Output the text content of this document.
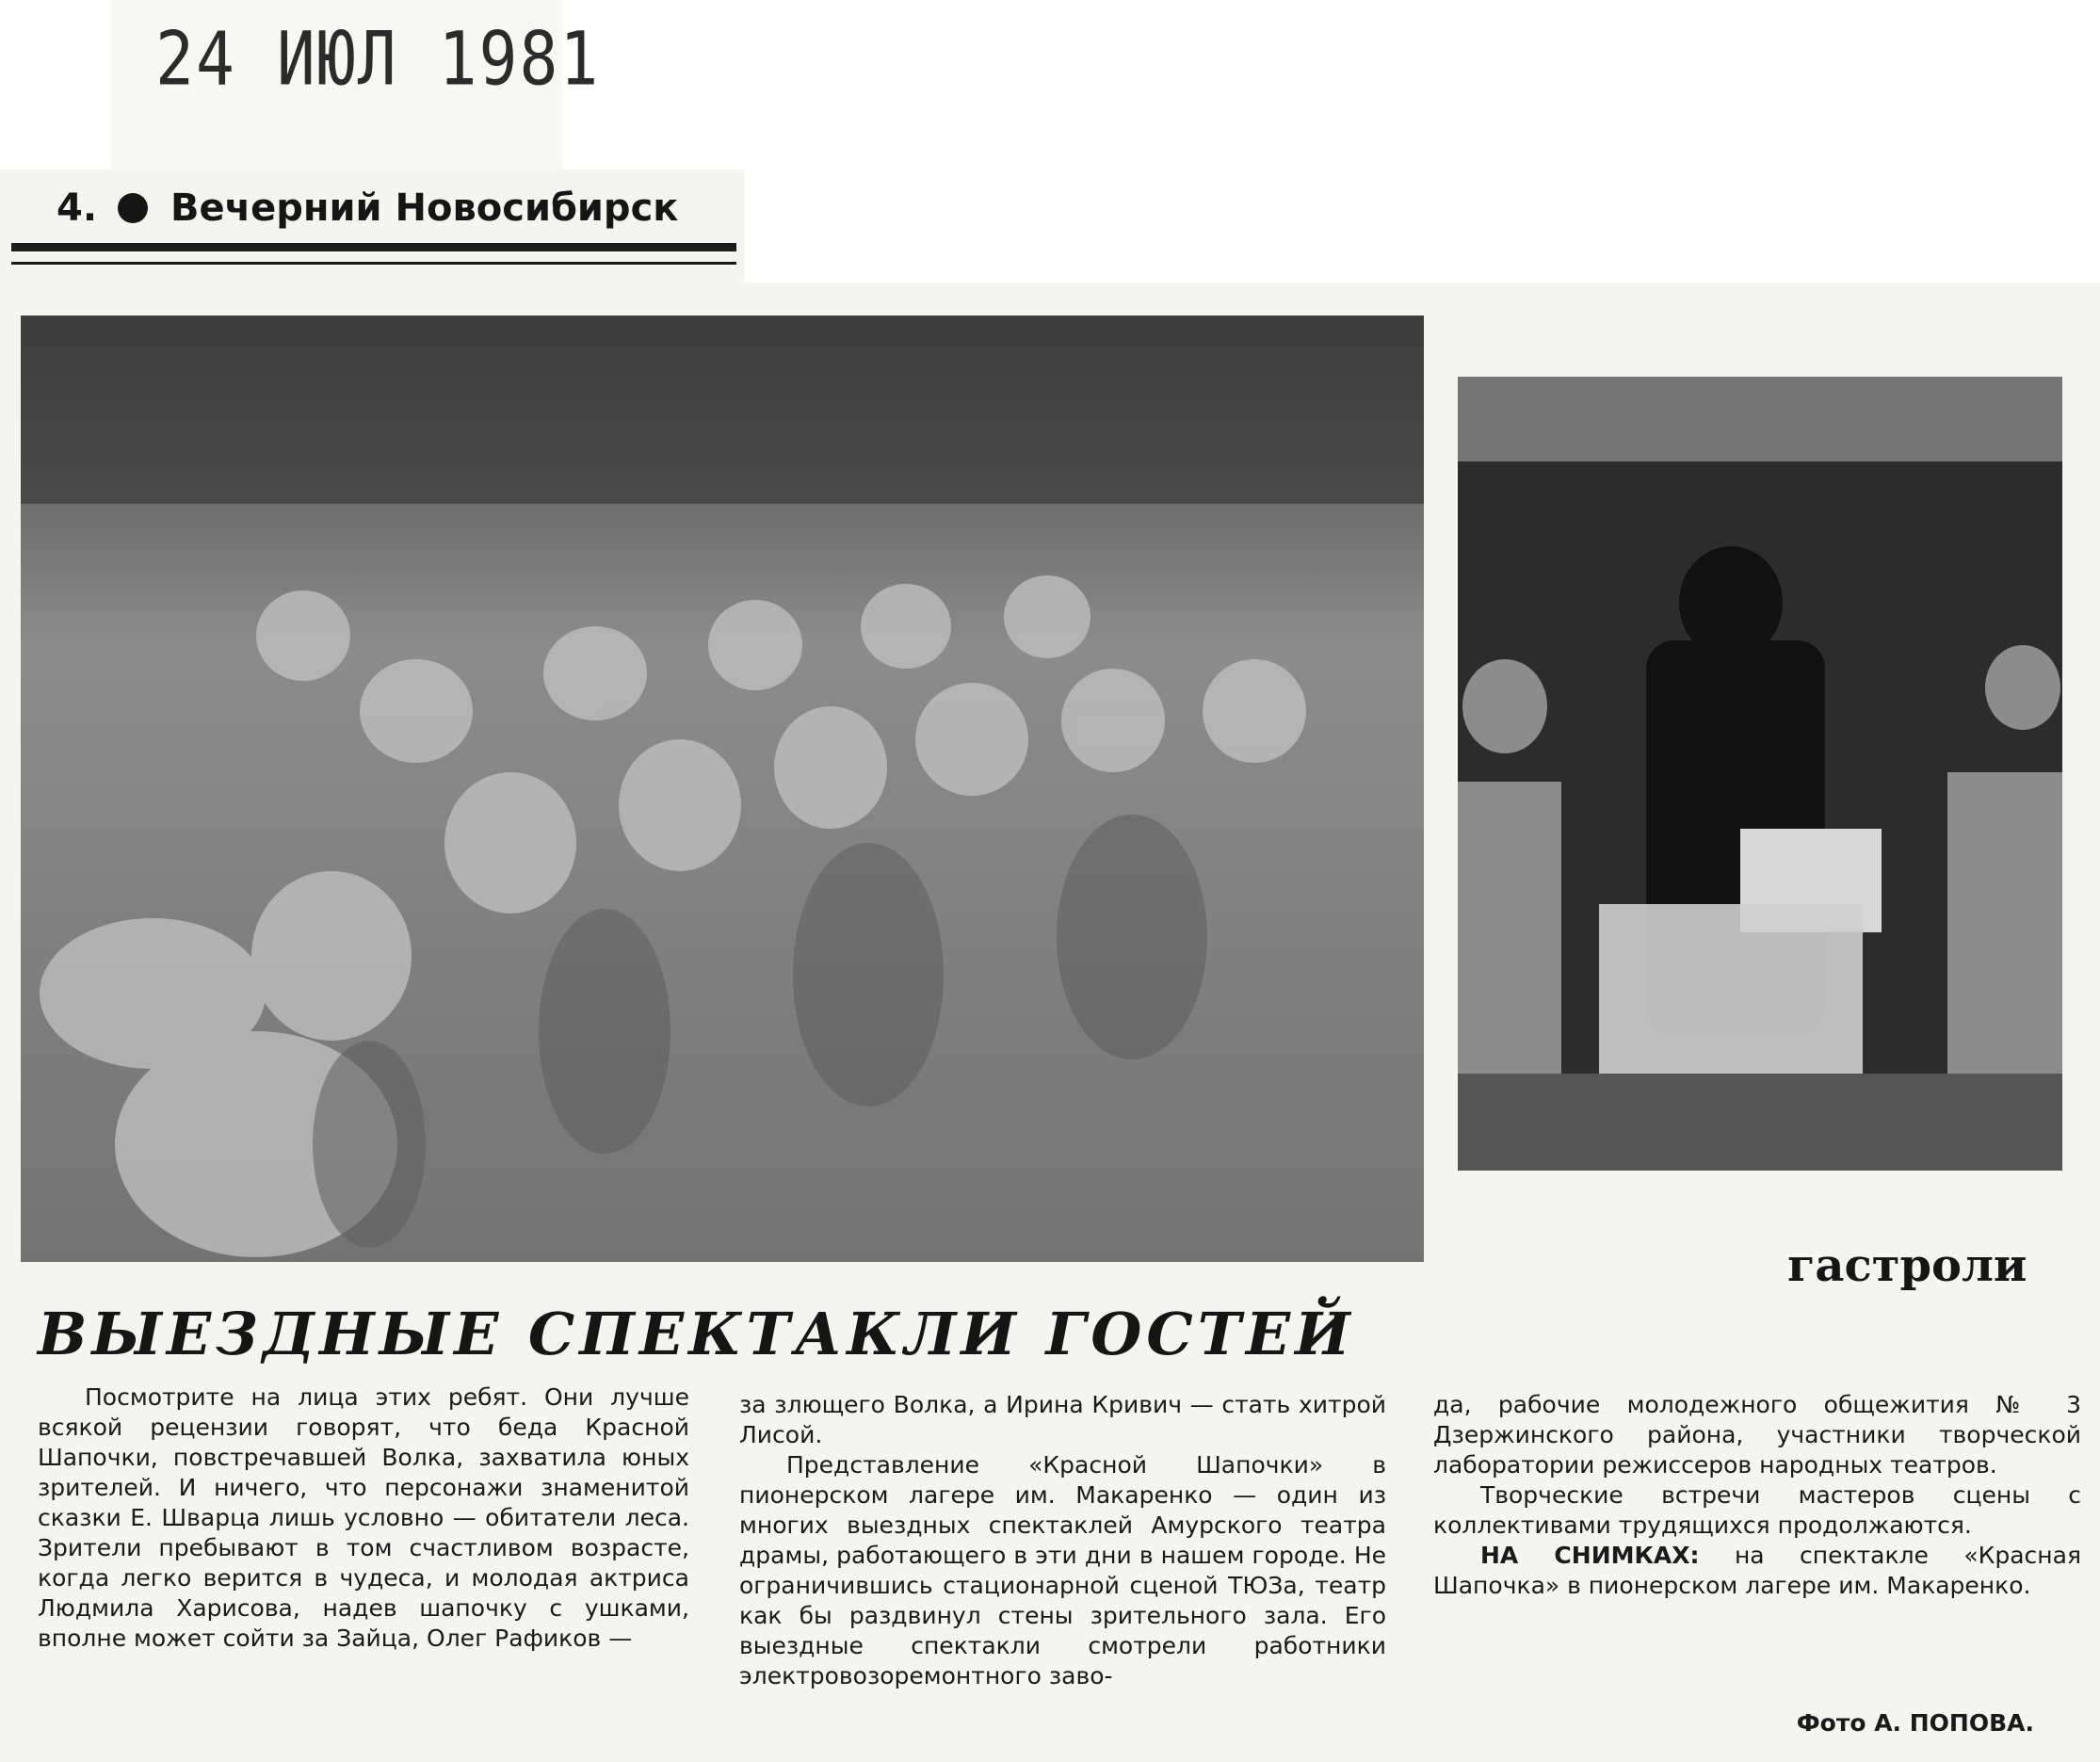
24 ИЮЛ 1981
4. Вечерний Новосибирск
гастроли
ВЫЕЗДНЫЕ СПЕКТАКЛИ ГОСТЕЙ

Посмотрите на лица этих ребят. Они лучше всякой рецензии говорят, что беда Красной Шапочки, повстречавшей Волка, захватила юных зрителей. И ничего, что персонажи знаменитой сказки Е. Шварца лишь условно — обитатели леса. Зрители пребывают в том счастливом возрасте, когда легко верится в чудеса, и молодая актриса Людмила Харисова, надев шапочку с ушками, вполне может сойти за Зайца, Олег Рафиков —

за злющего Волка, а Ирина Кривич — стать хитрой Лисой.

Представление «Красной Шапочки» в пионерском лагере им. Макаренко — один из многих выездных спектаклей Амурского театра драмы, работающего в эти дни в нашем городе. Не ограничившись стационарной сценой ТЮЗа, театр как бы раздвинул стены зрительного зала. Его выездные спектакли смотрели работники электровозоремонтного заво-

да, рабочие молодежного общежития № 3 Дзержинского района, участники творческой лаборатории режиссеров народных театров.

Творческие встречи мастеров сцены с коллективами трудящихся продолжаются.

НА СНИМКАХ: на спектакле «Красная Шапочка» в пионерском лагере им. Макаренко.

Фото А. ПОПОВА.
